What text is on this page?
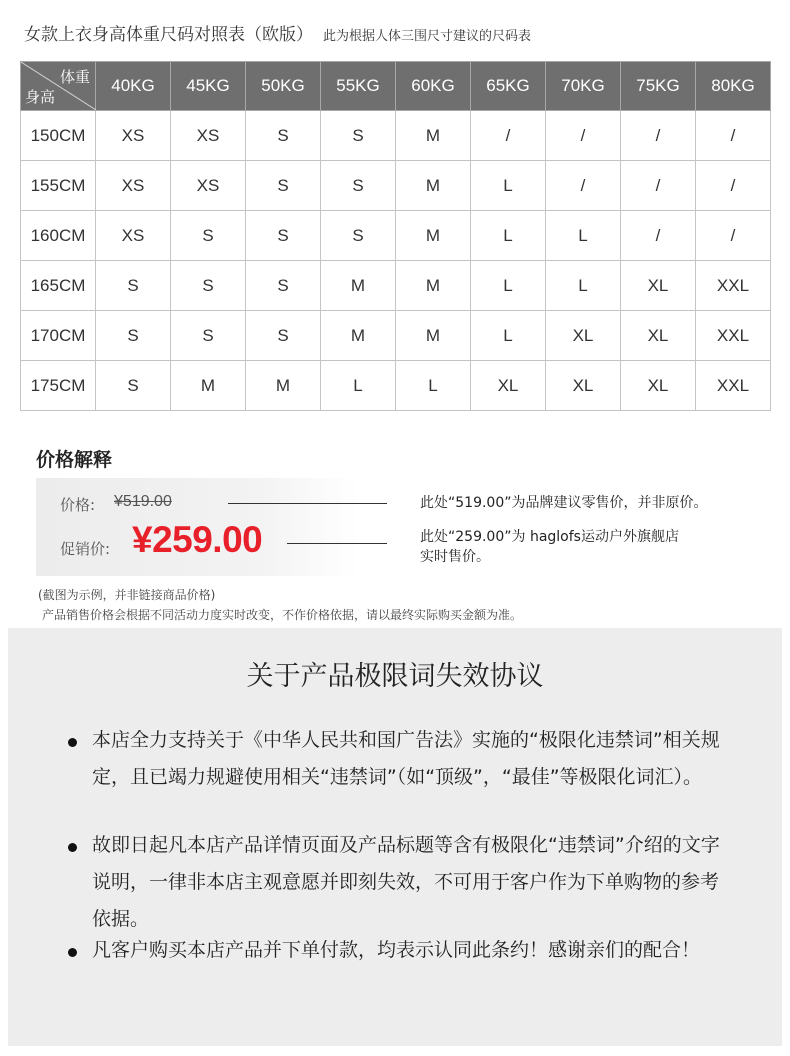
女款上衣身高体重尺码对照表（欧版） 此为根据人体三围尺寸建议的尺码表
体重
身高	40KG	45KG	50KG	55KG	60KG	65KG	70KG	75KG	80KG
150CM	XS	XS	S	S	M	/	/	/	/
155CM	XS	XS	S	S	M	L	/	/	/
160CM	XS	S	S	S	M	L	L	/	/
165CM	S	S	S	M	M	L	L	XL	XXL
170CM	S	S	S	M	M	L	XL	XL	XXL
175CM	S	M	M	L	L	XL	XL	XL	XXL
价格解释
价格: ¥519.00
促销价: ¥259.00
此处“519.00”为品牌建议零售价，并非原价。
此处“259.00”为 haglofs运动户外旗舰店
实时售价。
(截图为示例，并非链接商品价格)
产品销售价格会根据不同活动力度实时改变，不作价格依据，请以最终实际购买金额为准。
关于产品极限词失效协议
本店全力支持关于《中华人民共和国广告法》实施的“极限化违禁词”相关规定，且已竭力规避使用相关“违禁词”（如“顶级”，“最佳”等极限化词汇）。
故即日起凡本店产品详情页面及产品标题等含有极限化“违禁词”介绍的文字说明，一律非本店主观意愿并即刻失效，不可用于客户作为下单购物的参考依据。
凡客户购买本店产品并下单付款，均表示认同此条约！感谢亲们的配合！
